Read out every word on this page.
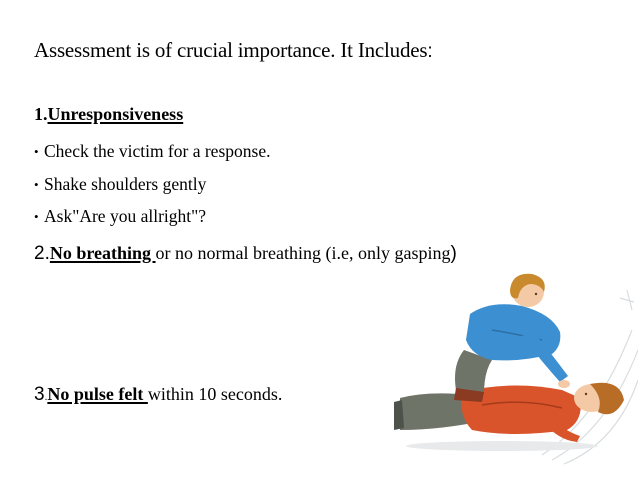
Assessment is of crucial importance. It Includes:
1.Unresponsiveness
• Check the victim for a response.
• Shake shoulders gently
• Ask"Are you allright"?
2.No breathing or no normal breathing (i.e, only gasping)
3.No pulse felt within 10 seconds.
